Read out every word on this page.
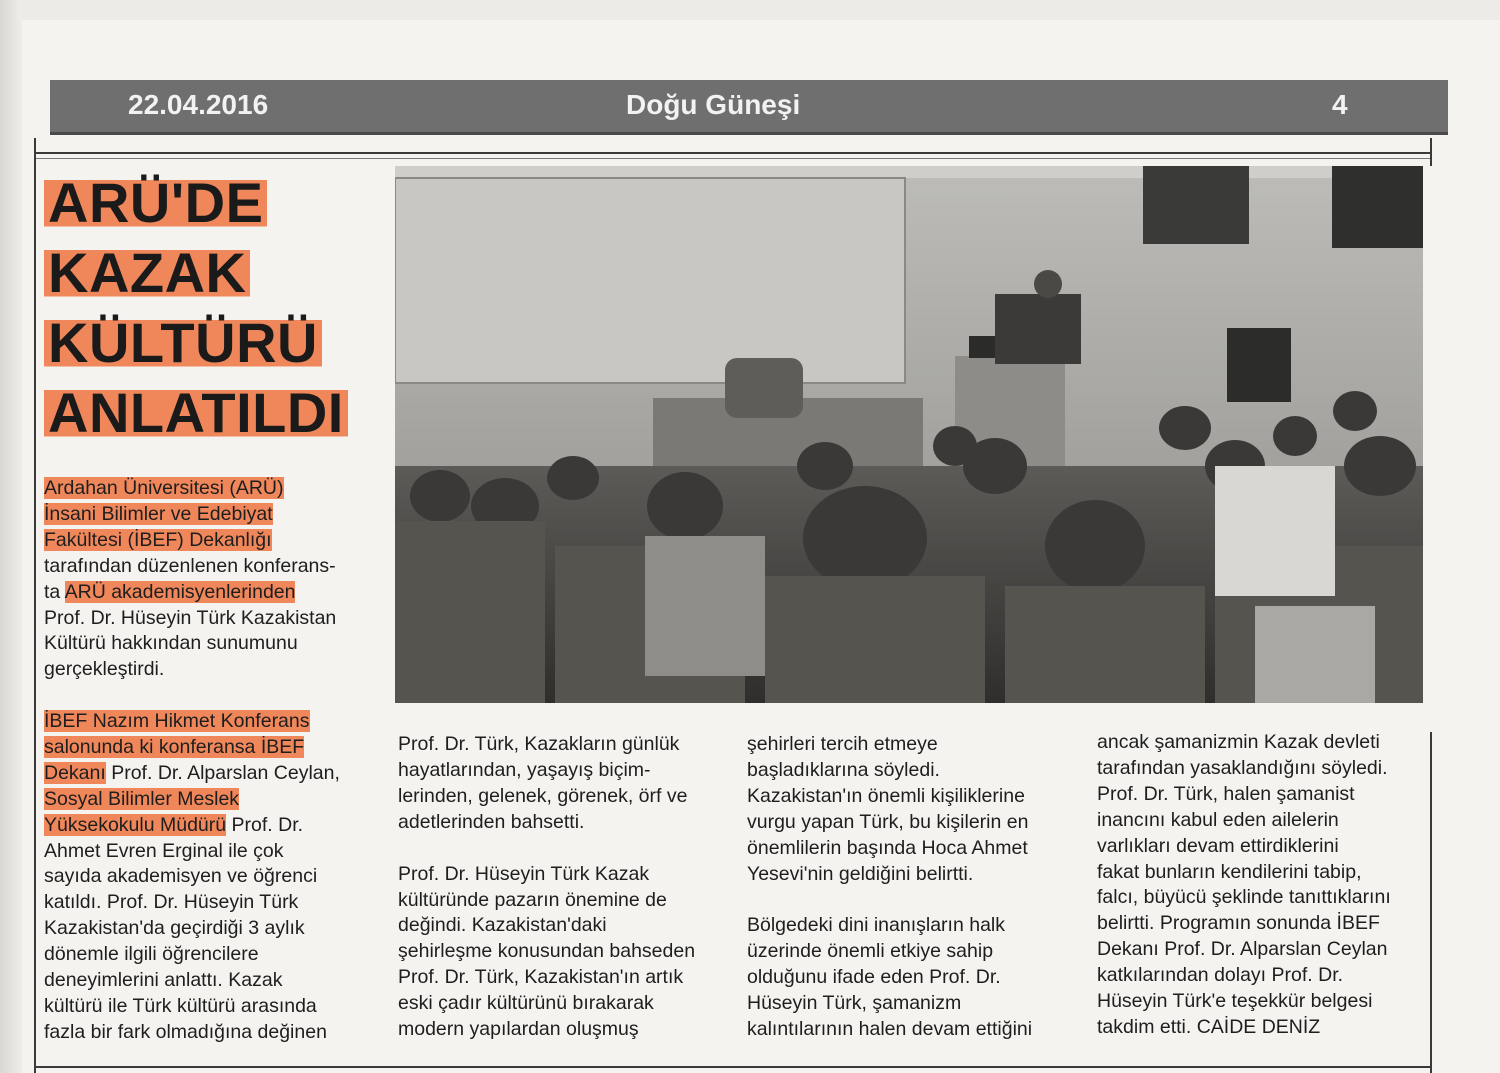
22.04.2016	Doğu Güneşi	4
ARÜ'DE
KAZAK
KÜLTÜRÜ
ANLATILDI
Ardahan Üniversitesi (ARÜ)
İnsani Bilimler ve Edebiyat
Fakültesi (İBEF) Dekanlığı
tarafından düzenlenen konferans-
ta ARÜ akademisyenlerinden
Prof. Dr. Hüseyin Türk Kazakistan
Kültürü hakkından sunumunu
gerçekleştirdi.
İBEF Nazım Hikmet Konferans
salonunda ki konferansa İBEF
Dekanı Prof. Dr. Alparslan Ceylan,
Sosyal Bilimler Meslek
Yüksekokulu Müdürü Prof. Dr.
Ahmet Evren Erginal ile çok
sayıda akademisyen ve öğrenci
katıldı. Prof. Dr. Hüseyin Türk
Kazakistan'da geçirdiği 3 aylık
dönemle ilgili öğrencilere
deneyimlerini anlattı. Kazak
kültürü ile Türk kültürü arasında
fazla bir fark olmadığına değinen
Prof. Dr. Türk, Kazakların günlük
hayatlarından, yaşayış biçim-
lerinden, gelenek, görenek, örf ve
adetlerinden bahsetti.

Prof. Dr. Hüseyin Türk Kazak
kültüründe pazarın önemine de
değindi. Kazakistan'daki
şehirleşme konusundan bahseden
Prof. Dr. Türk, Kazakistan'ın artık
eski çadır kültürünü bırakarak
modern yapılardan oluşmuş
şehirleri tercih etmeye
başladıklarına söyledi.
Kazakistan'ın önemli kişiliklerine
vurgu yapan Türk, bu kişilerin en
önemlilerin başında Hoca Ahmet
Yesevi'nin geldiğini belirtti.

Bölgedeki dini inanışların halk
üzerinde önemli etkiye sahip
olduğunu ifade eden Prof. Dr.
Hüseyin Türk, şamanizm
kalıntılarının halen devam ettiğini
ancak şamanizmin Kazak devleti
tarafından yasaklandığını söyledi.
Prof. Dr. Türk, halen şamanist
inancını kabul eden ailelerin
varlıkları devam ettirdiklerini
fakat bunların kendilerini tabip,
falcı, büyücü şeklinde tanıttıklarını
belirtti. Programın sonunda İBEF
Dekanı Prof. Dr. Alparslan Ceylan
katkılarından dolayı Prof. Dr.
Hüseyin Türk'e teşekkür belgesi
takdim etti. CAİDE DENİZ
